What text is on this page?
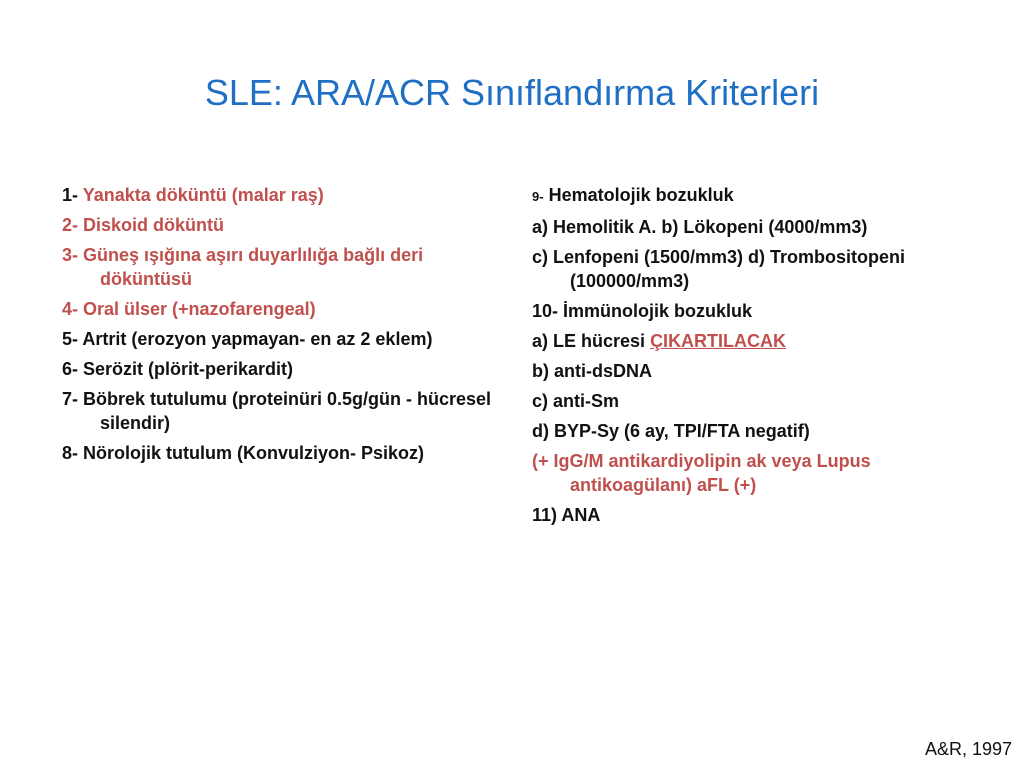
SLE: ARA/ACR Sınıflandırma Kriterleri
1- Yanakta döküntü (malar raş)
2- Diskoid döküntü
3- Güneş ışığına aşırı duyarlılığa bağlı deri döküntüsü
4- Oral ülser (+nazofarengeal)
5- Artrit (erozyon yapmayan- en az 2 eklem)
6- Serözit (plörit-perikardit)
7- Böbrek tutulumu (proteinüri 0.5g/gün - hücresel silendir)
8- Nörolojik tutulum (Konvulziyon- Psikoz)
9- Hematolojik bozukluk
a) Hemolitik A. b) Lökopeni (4000/mm3)
c) Lenfopeni (1500/mm3) d) Trombositopeni (100000/mm3)
10- İmmünolojik bozukluk
a) LE hücresi ÇIKARTILACAK
b) anti-dsDNA
c) anti-Sm
d) BYP-Sy (6 ay, TPI/FTA negatif)
(+ IgG/M antikardiyolipin ak veya Lupus antikoagülanı) aFL (+)
11) ANA
A&R, 1997
